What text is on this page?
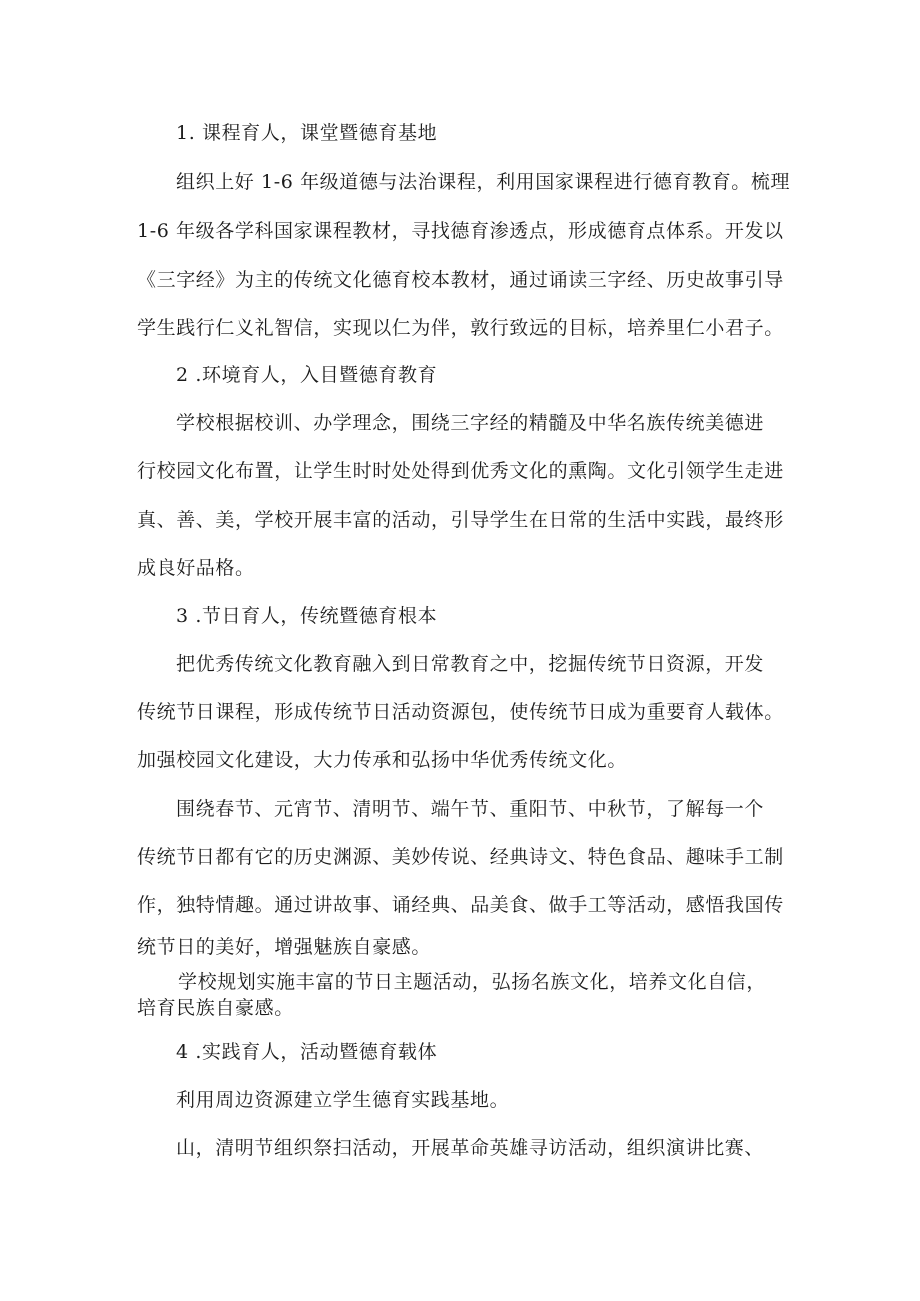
1. 课程育人，课堂暨德育基地
组织上好 1-6 年级道德与法治课程，利用国家课程进行德育教育。梳理
1-6 年级各学科国家课程教材，寻找德育渗透点，形成德育点体系。开发以
《三字经》为主的传统文化德育校本教材，通过诵读三字经、历史故事引导
学生践行仁义礼智信，实现以仁为伴，敦行致远的目标，培养里仁小君子。
2 .环境育人，入目暨德育教育
学校根据校训、办学理念，围绕三字经的精髓及中华名族传统美德进
行校园文化布置，让学生时时处处得到优秀文化的熏陶。文化引领学生走进
真、善、美，学校开展丰富的活动，引导学生在日常的生活中实践，最终形
成良好品格。
3 .节日育人，传统暨德育根本
把优秀传统文化教育融入到日常教育之中，挖掘传统节日资源，开发
传统节日课程，形成传统节日活动资源包，使传统节日成为重要育人载体。
加强校园文化建设，大力传承和弘扬中华优秀传统文化。
围绕春节、元宵节、清明节、端午节、重阳节、中秋节，了解每一个
传统节日都有它的历史渊源、美妙传说、经典诗文、特色食品、趣味手工制
作，独特情趣。通过讲故事、诵经典、品美食、做手工等活动，感悟我国传
统节日的美好，增强魅族自豪感。
学校规划实施丰富的节日主题活动，弘扬名族文化，培养文化自信，
培育民族自豪感。
4 .实践育人，活动暨德育载体
利用周边资源建立学生德育实践基地。
山，清明节组织祭扫活动，开展革命英雄寻访活动，组织演讲比赛、
